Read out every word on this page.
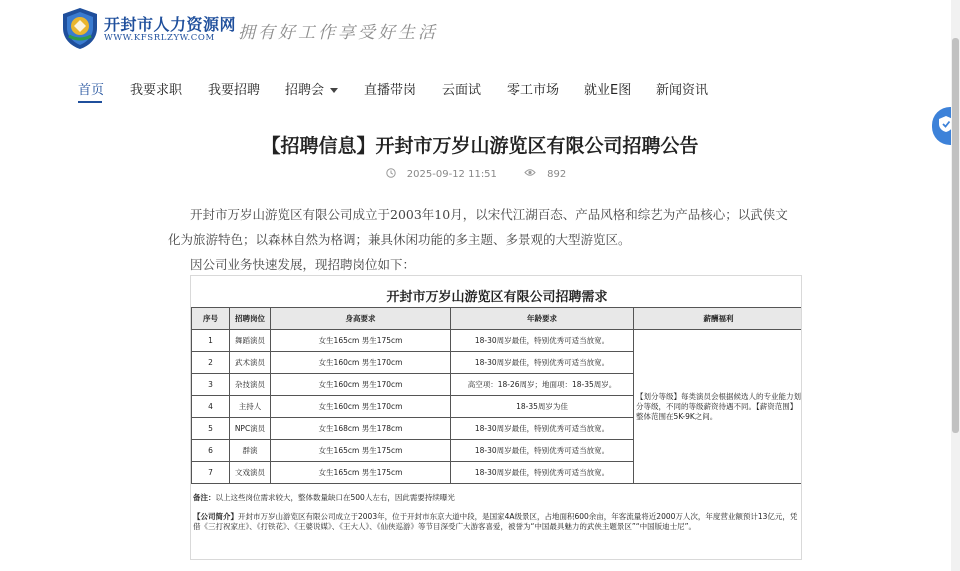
开封市人力资源网
WWW.KFSRLZYW.COM 拥有好工作享受好生活
首页 我要求职 我要招聘 招聘会	直播带岗 云面试 零工市场 就业E图 新闻资讯
【招聘信息】开封市万岁山游览区有限公司招聘公告
2025-09-12 11:51	892
开封市万岁山游览区有限公司成立于2003年10月，以宋代江湖百态、产品风格和综艺为产品核心；以武侠文
化为旅游特色；以森林自然为格调；兼具休闲功能的多主题、多景观的大型游览区。
因公司业务快速发展，现招聘岗位如下：
开封市万岁山游览区有限公司招聘需求
序号	招聘岗位	身高要求	年龄要求	薪酬福利
1	舞蹈演员	女生165cm 男生175cm	18-30周岁最佳，特别优秀可适当放宽。	【划分等级】每类演员会根据候选人的专业能力划分等级，不同的等级薪资待遇不同。【薪资范围】整体范围在5K-9K之间。
2	武术演员	女生160cm 男生170cm	18-30周岁最佳，特别优秀可适当放宽。	
3	杂技演员	女生160cm 男生170cm	高空项：18-26周岁；地面项：18-35周岁。	
4	主持人	女生160cm 男生170cm	18-35周岁为佳	
5	NPC演员	女生168cm 男生178cm	18-30周岁最佳，特别优秀可适当放宽。	
6	群演	女生165cm 男生175cm	18-30周岁最佳，特别优秀可适当放宽。	
7	文戏演员	女生165cm 男生175cm	18-30周岁最佳，特别优秀可适当放宽。	
备注：以上这些岗位需求较大，整体数量缺口在500人左右，因此需要持续曝光
【公司简介】开封市万岁山游览区有限公司成立于2003年，位于开封市东京大道中段，是国家4A级景区，占地面积600余亩，年客流量将近2000万人次，年度营业额预计13亿元，凭借《三打祝家庄》、《打铁花》、《王婆说媒》、《王大人》、《仙侠巡游》等节目深受广大游客喜爱，被誉为“中国最具魅力的武侠主题景区”“中国版迪士尼”。
